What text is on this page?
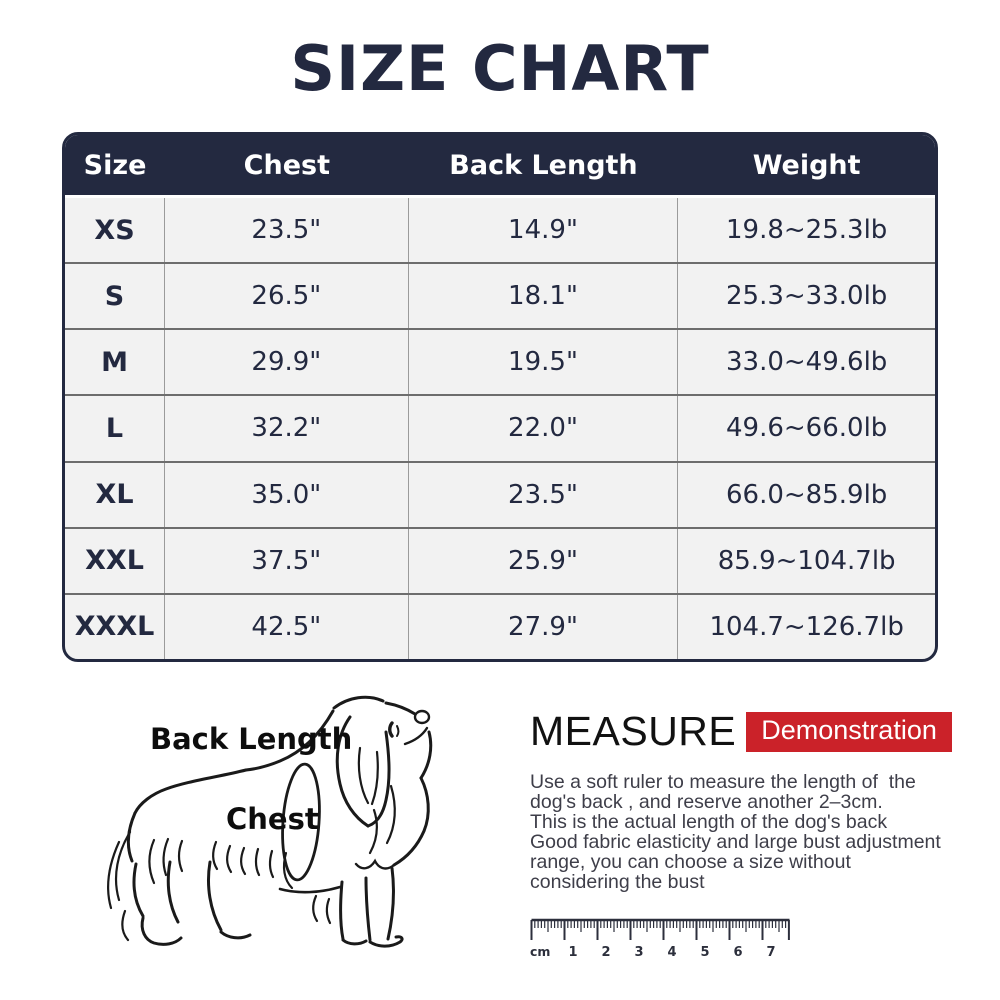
SIZE CHART
Size	Chest	Back Length	Weight
XS	23.5"	14.9"	19.8~25.3lb
S	26.5"	18.1"	25.3~33.0lb
M	29.9"	19.5"	33.0~49.6lb
L	32.2"	22.0"	49.6~66.0lb
XL	35.0"	23.5"	66.0~85.9lb
XXL	37.5"	25.9"	85.9~104.7lb
XXXL	42.5"	27.9"	104.7~126.7lb
Back Length
Chest
MEASURE Demonstration
Use a soft ruler to measure the length of  the
dog's back , and reserve another 2–3cm.
This is the actual length of the dog's back
Good fabric elasticity and large bust adjustment
range, you can choose a size without
considering the bust
cm 1 2 3 4 5 6 7
